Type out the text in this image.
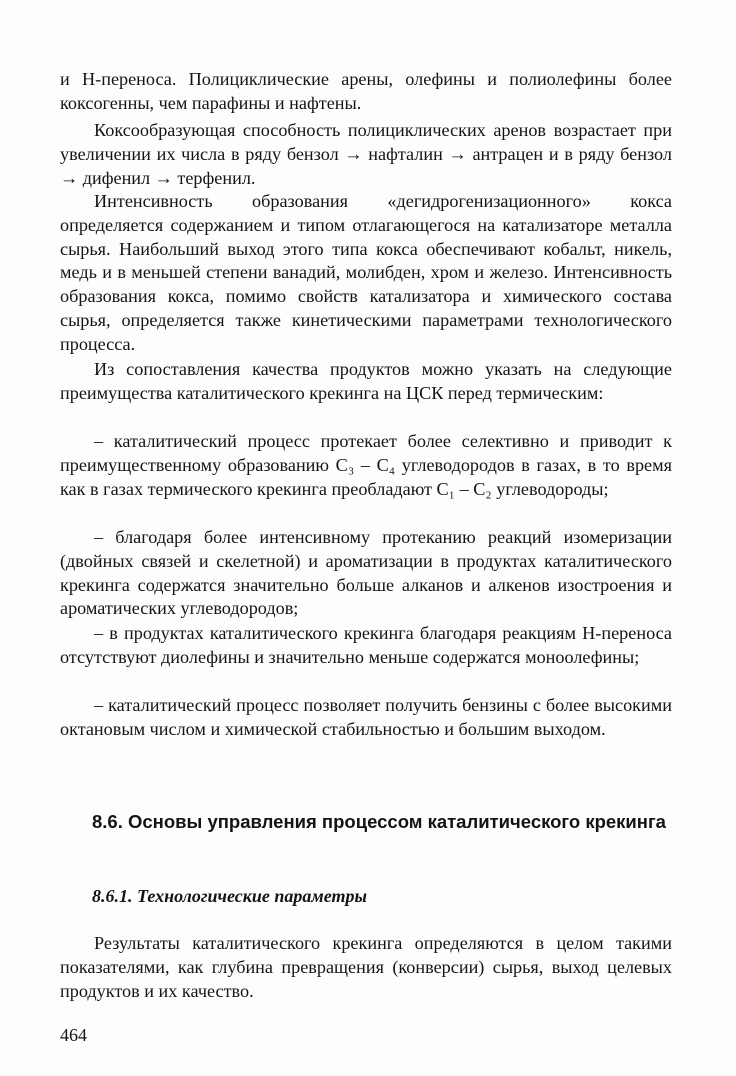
и H-переноса. Полициклические арены, олефины и полиолефины более коксогенны, чем парафины и нафтены.

Коксообразующая способность полициклических аренов возрастает при увеличении их числа в ряду бензол → нафталин → антрацен и в ряду бензол → дифенил → терфенил.

Интенсивность образования «дегидрогенизационного» кокса определяется содержанием и типом отлагающегося на катализаторе металла сырья. Наибольший выход этого типа кокса обеспечивают кобальт, никель, медь и в меньшей степени ванадий, молибден, хром и железо. Интенсивность образования кокса, помимо свойств катализатора и химического состава сырья, определяется также кинетическими параметрами технологического процесса.

Из сопоставления качества продуктов можно указать на следующие преимущества каталитического крекинга на ЦСК перед термическим:

– каталитический процесс протекает более селективно и приводит к преимущественному образованию C₃ – C₄ углеводородов в газах, в то время как в газах термического крекинга преобладают C₁ – C₂ углеводороды;

– благодаря более интенсивному протеканию реакций изомеризации (двойных связей и скелетной) и ароматизации в продуктах каталитического крекинга содержатся значительно больше алканов и алкенов изостроения и ароматических углеводородов;

– в продуктах каталитического крекинга благодаря реакциям H-переноса отсутствуют диолефины и значительно меньше содержатся моноолефины;

– каталитический процесс позволяет получить бензины с более высокими октановым числом и химической стабильностью и большим выходом.

8.6. Основы управления процессом каталитического крекинга
8.6.1. Технологические параметры

Результаты каталитического крекинга определяются в целом такими показателями, как глубина превращения (конверсии) сырья, выход целевых продуктов и их качество.

464
